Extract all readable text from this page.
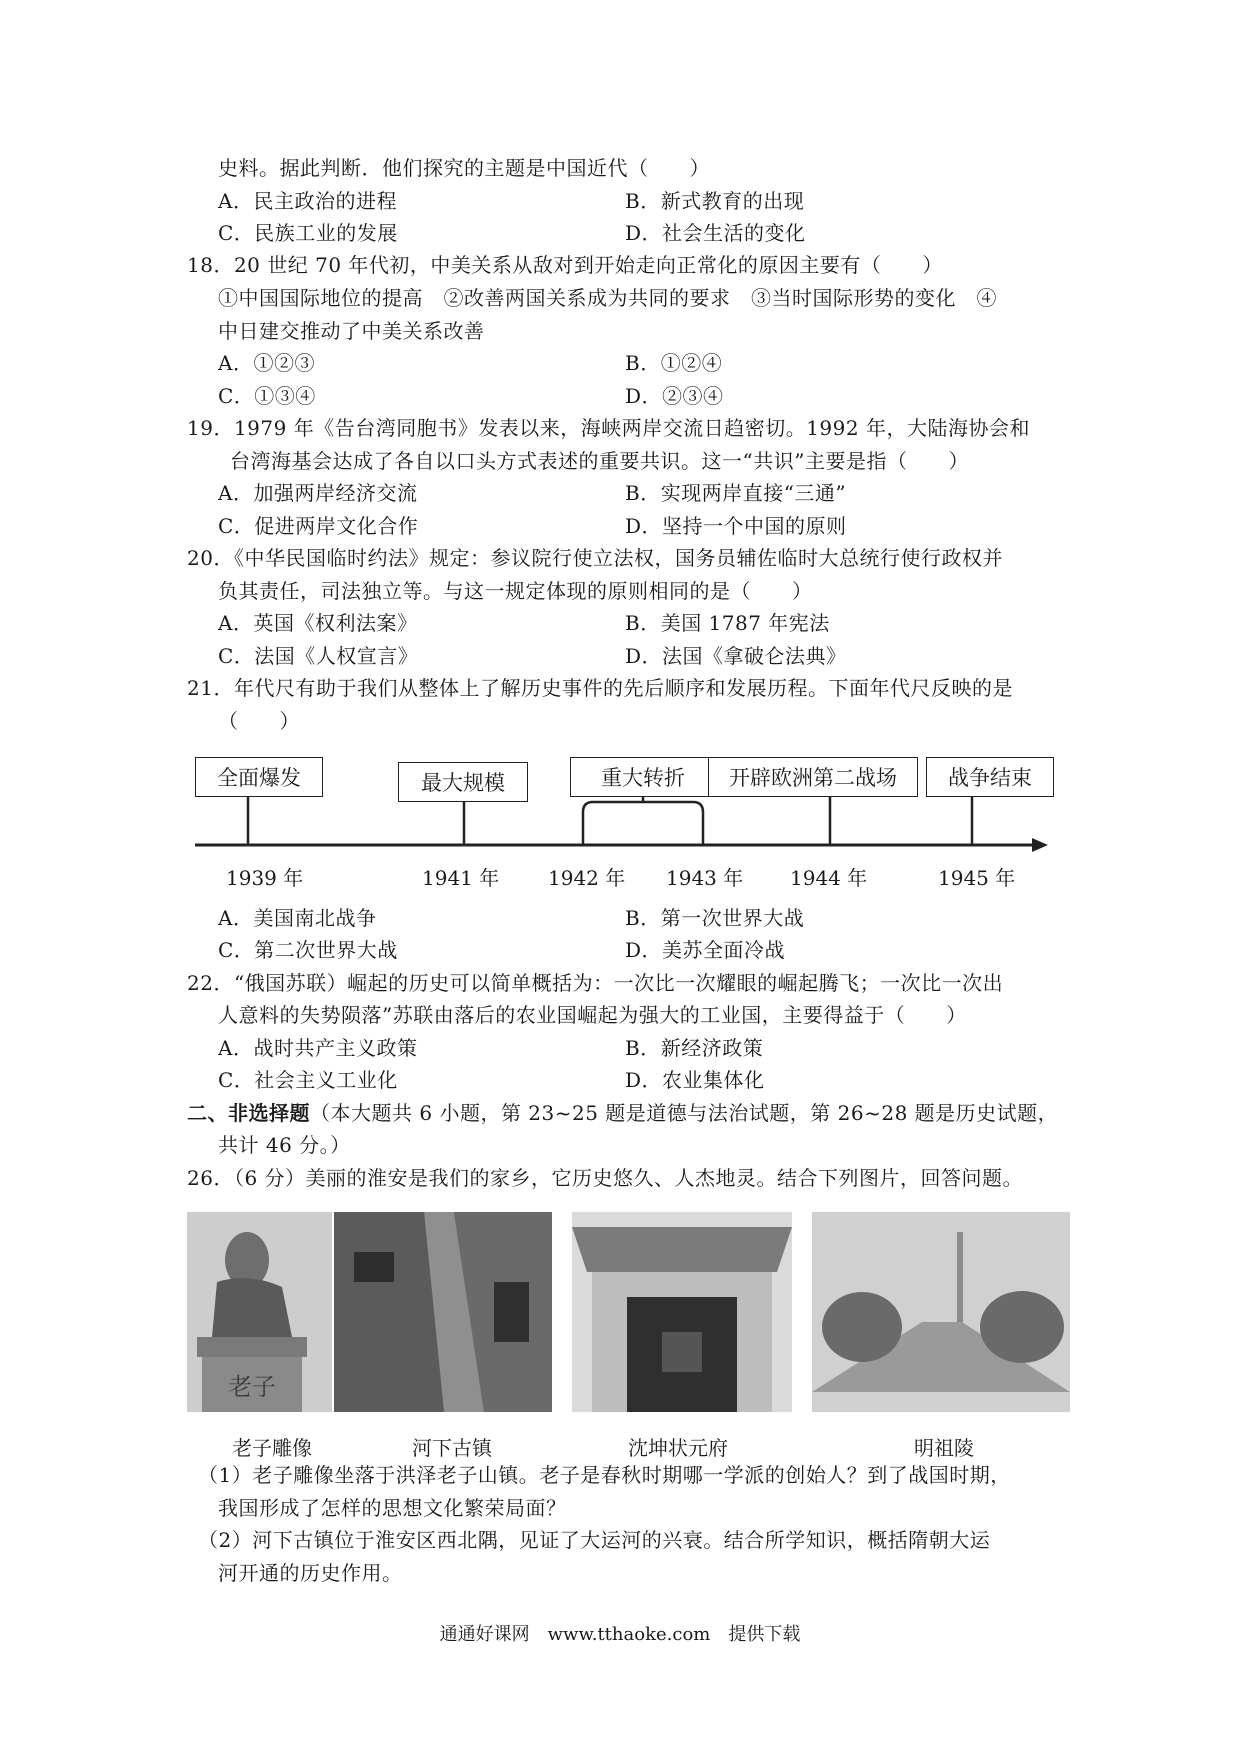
史料。据此判断．他们探究的主题是中国近代（　　）
A．民主政治的进程	B．新式教育的出现
C．民族工业的发展	D．社会生活的变化
18．20 世纪 70 年代初，中美关系从敌对到开始走向正常化的原因主要有（　　）
①中国国际地位的提高　②改善两国关系成为共同的要求　③当时国际形势的变化　④
中日建交推动了中美关系改善
A．①②③	B．①②④
C．①③④	D．②③④
19．1979 年《告台湾同胞书》发表以来，海峡两岸交流日趋密切。1992 年，大陆海协会和
台湾海基会达成了各自以口头方式表述的重要共识。这一“共识”主要是指（　　）
A．加强两岸经济交流	B．实现两岸直接“三通”
C．促进两岸文化合作	D．坚持一个中国的原则
20．《中华民国临时约法》规定：参议院行使立法权，国务员辅佐临时大总统行使行政权并
负其责任，司法独立等。与这一规定体现的原则相同的是（　　）
A．英国《权利法案》	B．美国 1787 年宪法
C．法国《人权宣言》	D．法国《拿破仑法典》
21．年代尺有助于我们从整体上了解历史事件的先后顺序和发展历程。下面年代尺反映的是
（　　）
全面爆发	最大规模	重大转折	开辟欧洲第二战场	战争结束
1939 年	1941 年 1942 年 1943 年 1944 年	1945 年
A．美国南北战争	B．第一次世界大战
C．第二次世界大战	D．美苏全面冷战
22．“俄国苏联）崛起的历史可以简单概括为：一次比一次耀眼的崛起腾飞；一次比一次出
人意料的失势陨落”苏联由落后的农业国崛起为强大的工业国，主要得益于（　　）
A．战时共产主义政策	B．新经济政策
C．社会主义工业化	D．农业集体化
二、非选择题（本大题共 6 小题，第 23~25 题是道德与法治试题，第 26~28 题是历史试题，
共计 46 分。）
26．（6 分）美丽的淮安是我们的家乡，它历史悠久、人杰地灵。结合下列图片，回答问题。
老子
老子雕像	河下古镇	沈坤状元府	明祖陵
（1）老子雕像坐落于洪泽老子山镇。老子是春秋时期哪一学派的创始人？到了战国时期，
我国形成了怎样的思想文化繁荣局面？
（2）河下古镇位于淮安区西北隅，见证了大运河的兴衰。结合所学知识，概括隋朝大运
河开通的历史作用。
通通好课网　www.tthaoke.com　提供下载
